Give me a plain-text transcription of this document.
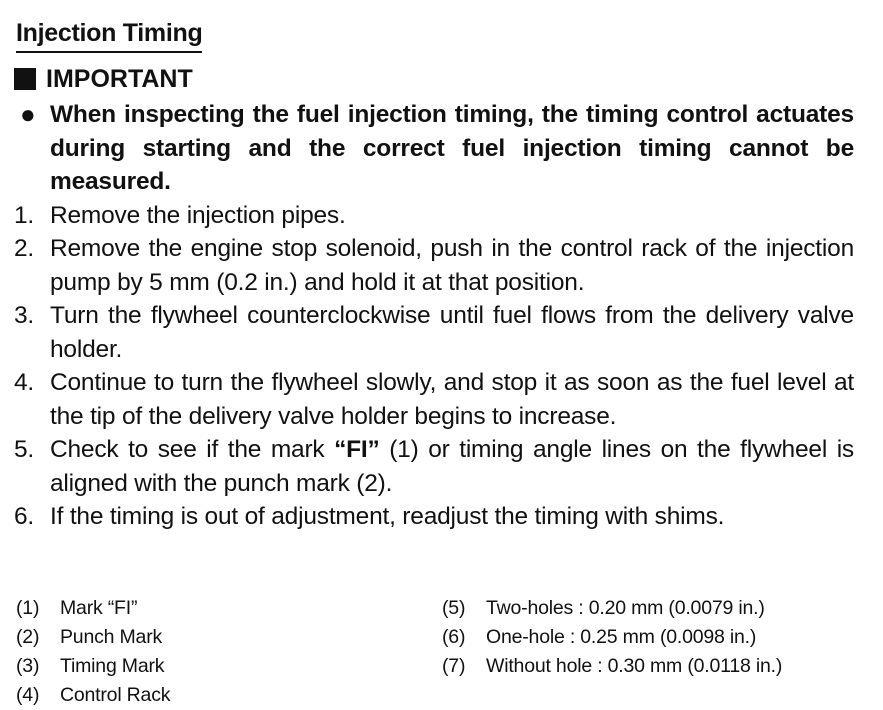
Injection Timing
IMPORTANT
● When inspecting the fuel injection timing, the timing control actuates during starting and the correct fuel injection timing cannot be measured.
1. Remove the injection pipes.
2. Remove the engine stop solenoid, push in the control rack of the injection pump by 5 mm (0.2 in.) and hold it at that position.
3. Turn the flywheel counterclockwise until fuel flows from the delivery valve holder.
4. Continue to turn the flywheel slowly, and stop it as soon as the fuel level at the tip of the delivery valve holder begins to increase.
5. Check to see if the mark “FI” (1) or timing angle lines on the flywheel is aligned with the punch mark (2).
6. If the timing is out of adjustment, readjust the timing with shims.
(1)	Mark “FI”
(2)	Punch Mark
(3)	Timing Mark
(4)	Control Rack
(5)	Two-holes : 0.20 mm (0.0079 in.)
(6)	One-hole : 0.25 mm (0.0098 in.)
(7)	Without hole : 0.30 mm (0.0118 in.)
